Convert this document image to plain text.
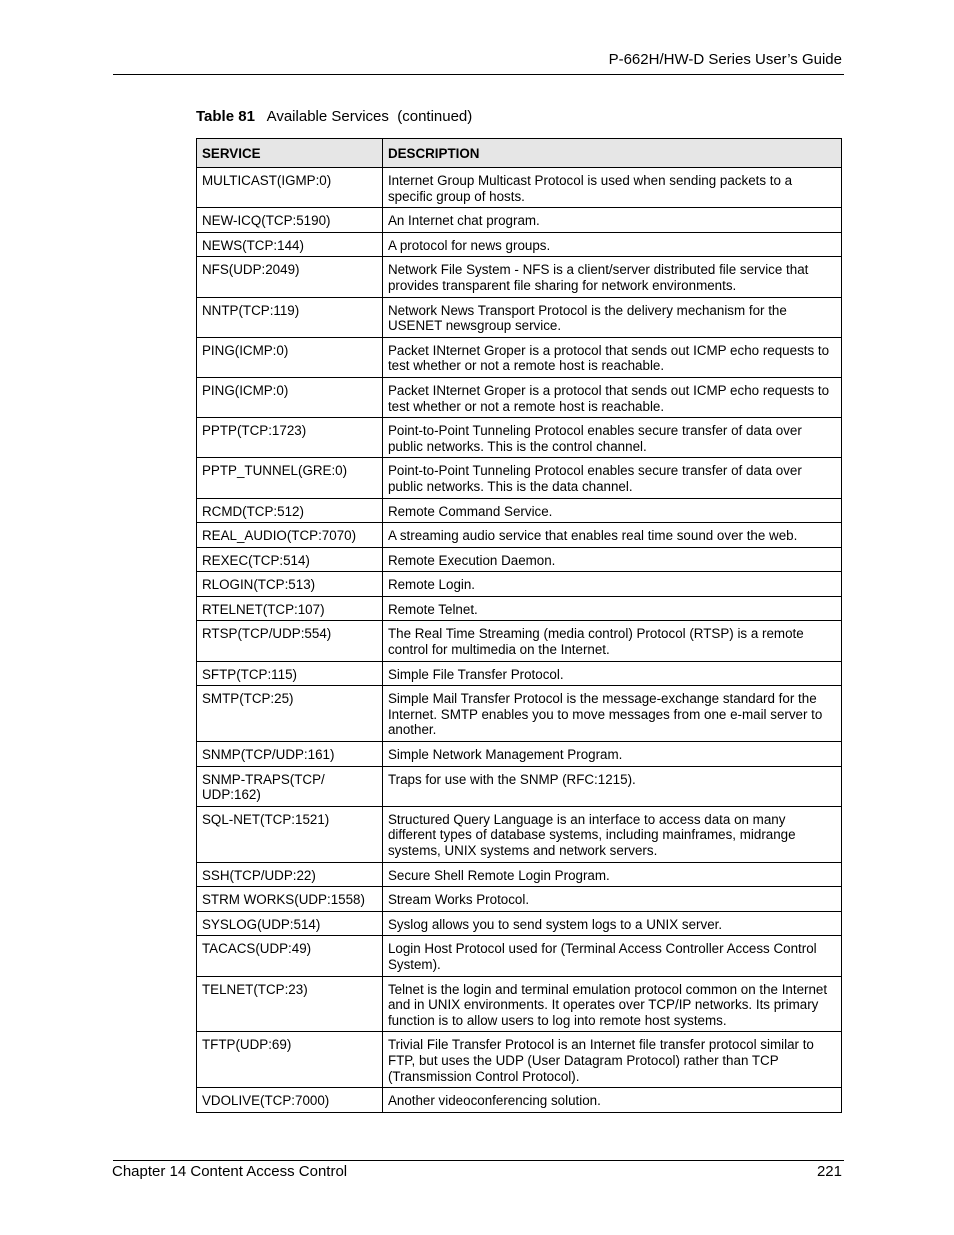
P-662H/HW-D Series User’s Guide
Table 81 Available Services  (continued)
SERVICE	DESCRIPTION
MULTICAST(IGMP:0)	Internet Group Multicast Protocol is used when sending packets to a specific group of hosts.
NEW-ICQ(TCP:5190)	An Internet chat program.
NEWS(TCP:144)	A protocol for news groups.
NFS(UDP:2049)	Network File System - NFS is a client/server distributed file service that provides transparent file sharing for network environments.
NNTP(TCP:119)	Network News Transport Protocol is the delivery mechanism for the USENET newsgroup service.
PING(ICMP:0)	Packet INternet Groper is a protocol that sends out ICMP echo requests to test whether or not a remote host is reachable.
PING(ICMP:0)	Packet INternet Groper is a protocol that sends out ICMP echo requests to test whether or not a remote host is reachable.
PPTP(TCP:1723)	Point-to-Point Tunneling Protocol enables secure transfer of data over public networks. This is the control channel.
PPTP_TUNNEL(GRE:0)	Point-to-Point Tunneling Protocol enables secure transfer of data over public networks. This is the data channel.
RCMD(TCP:512)	Remote Command Service.
REAL_AUDIO(TCP:7070)	A streaming audio service that enables real time sound over the web.
REXEC(TCP:514)	Remote Execution Daemon.
RLOGIN(TCP:513)	Remote Login.
RTELNET(TCP:107)	Remote Telnet.
RTSP(TCP/UDP:554)	The Real Time Streaming (media control) Protocol (RTSP) is a remote control for multimedia on the Internet.
SFTP(TCP:115)	Simple File Transfer Protocol.
SMTP(TCP:25)	Simple Mail Transfer Protocol is the message-exchange standard for the Internet. SMTP enables you to move messages from one e-mail server to another.
SNMP(TCP/UDP:161)	Simple Network Management Program.
SNMP-TRAPS(TCP/ UDP:162)	Traps for use with the SNMP (RFC:1215).
SQL-NET(TCP:1521)	Structured Query Language is an interface to access data on many different types of database systems, including mainframes, midrange systems, UNIX systems and network servers.
SSH(TCP/UDP:22)	Secure Shell Remote Login Program.
STRM WORKS(UDP:1558)	Stream Works Protocol.
SYSLOG(UDP:514)	Syslog allows you to send system logs to a UNIX server.
TACACS(UDP:49)	Login Host Protocol used for (Terminal Access Controller Access Control System).
TELNET(TCP:23)	Telnet is the login and terminal emulation protocol common on the Internet and in UNIX environments. It operates over TCP/IP networks. Its primary function is to allow users to log into remote host systems.
TFTP(UDP:69)	Trivial File Transfer Protocol is an Internet file transfer protocol similar to FTP, but uses the UDP (User Datagram Protocol) rather than TCP (Transmission Control Protocol).
VDOLIVE(TCP:7000)	Another videoconferencing solution.
Chapter 14 Content Access Control	221
